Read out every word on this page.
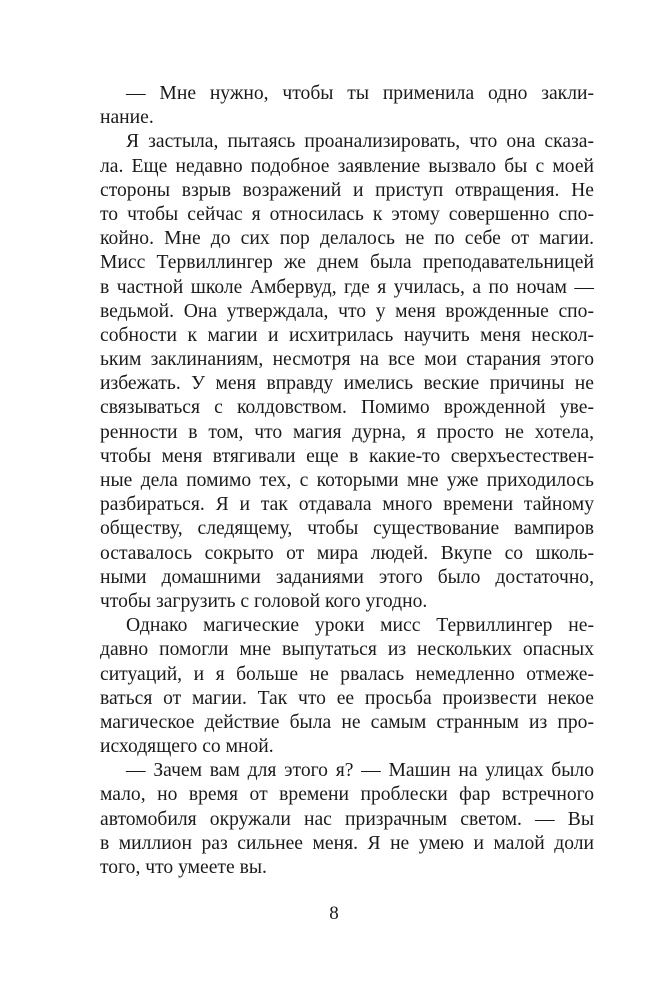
— Мне нужно, чтобы ты применила одно закли-
нание.
Я застыла, пытаясь проанализировать, что она сказа-
ла. Еще недавно подобное заявление вызвало бы с моей
стороны взрыв возражений и приступ отвращения. Не
то чтобы сейчас я относилась к этому совершенно спо-
койно. Мне до сих пор делалось не по себе от магии.
Мисс Тервиллингер же днем была преподавательницей
в частной школе Амбервуд, где я училась, а по ночам —
ведьмой. Она утверждала, что у меня врожденные спо-
собности к магии и исхитрилась научить меня нескол-
ьким заклинаниям, несмотря на все мои старания этого
избежать. У меня вправду имелись веские причины не
связываться с колдовством. Помимо врожденной уве-
ренности в том, что магия дурна, я просто не хотела,
чтобы меня втягивали еще в какие-то сверхъестествен-
ные дела помимо тех, с которыми мне уже приходилось
разбираться. Я и так отдавала много времени тайному
обществу, следящему, чтобы существование вампиров
оставалось сокрыто от мира людей. Вкупе со школь-
ными домашними заданиями этого было достаточно,
чтобы загрузить с головой кого угодно.
Однако магические уроки мисс Тервиллингер не-
давно помогли мне выпутаться из нескольких опасных
ситуаций, и я больше не рвалась немедленно отмеже-
ваться от магии. Так что ее просьба произвести некое
магическое действие была не самым странным из про-
исходящего со мной.
— Зачем вам для этого я? — Машин на улицах было
мало, но время от времени проблески фар встречного
автомобиля окружали нас призрачным светом. — Вы
в миллион раз сильнее меня. Я не умею и малой доли
того, что умеете вы.
8
